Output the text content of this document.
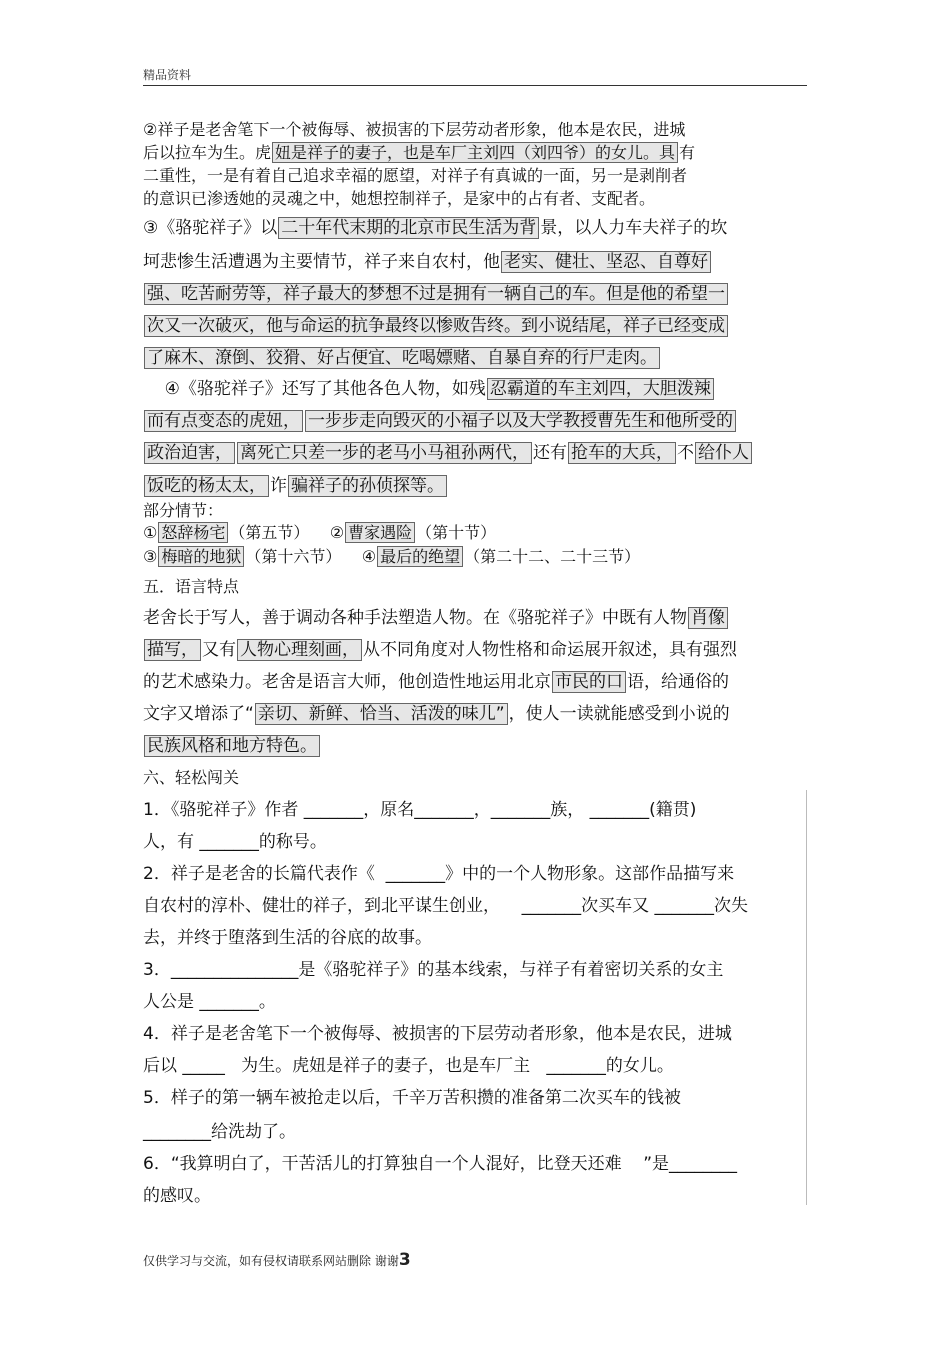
精品资料
②祥子是老舍笔下一个被侮辱、被损害的下层劳动者形象，他本是农民，进城
后以拉车为生。虎 妞是祥子的妻子，也是车厂主刘四（刘四爷）的女儿。具 有
二重性，一是有着自己追求幸福的愿望，对祥子有真诚的一面，另一是剥削者
的意识已渗透她的灵魂之中，她想控制祥子，是家中的占有者、支配者。
③《骆驼祥子》以 二十年代末期的北京市民生活为背 景，以人力车夫祥子的坎
坷悲惨生活遭遇为主要情节，祥子来自农村，他 老实、健壮、坚忍、自尊好
强、吃苦耐劳等，祥子最大的梦想不过是拥有一辆自己的车。但是他的希望一
次又一次破灭，他与命运的抗争最终以惨败告终。到小说结尾，祥子已经变成
了麻木、潦倒、狡猾、好占便宜、吃喝嫖赌、自暴自弃的行尸走肉。
④《骆驼祥子》还写了其他各色人物，如残 忍霸道的车主刘四，大胆泼辣
而有点变态的虎妞， 一步步走向毁灭的小福子以及大学教授曹先生和他所受的
政治迫害， 离死亡只差一步的老马小马祖孙两代， 还有 抢车的大兵， 不 给仆人
饭吃的杨太太， 诈 骗祥子的孙侦探等。
部分情节：
① 怒辞杨宅 （第五节）    ② 曹家遇险 （第十节）
③ 梅暗的地狱 （第十六节）    ④ 最后的绝望 （第二十二、二十三节）
五．语言特点
老舍长于写人，善于调动各种手法塑造人物。在《骆驼祥子》中既有人物 肖像
描写， 又有 人物心理刻画， 从不同角度对人物性格和命运展开叙述，具有强烈
的艺术感染力。老舍是语言大师，他创造性地运用北京 市民的口 语，给通俗的
文字又增添了“ 亲切、新鲜、恰当、活泼的味儿” ，使人一读就能感受到小说的
民族风格和地方特色。
六、轻松闯关
1．《骆驼祥子》作者 _______，原名_______，_______族， _______(籍贯)
人，有 _______的称号。
2．祥子是老舍的长篇代表作《  _______》中的一个人物形象。这部作品描写来
自农村的淳朴、健壮的祥子，到北平谋生创业，    _______次买车又 _______次失
去，并终于堕落到生活的谷底的故事。
3．_______________是《骆驼祥子》的基本线索，与祥子有着密切关系的女主
人公是 _______。
4．祥子是老舍笔下一个被侮辱、被损害的下层劳动者形象，他本是农民，进城
后以 _____   为生。虎妞是祥子的妻子，也是车厂主   _______的女儿。
5．样子的第一辆车被抢走以后，千辛万苦积攒的准备第二次买车的钱被
________给洗劫了。
6．“我算明白了，干苦活儿的打算独自一个人混好，比登天还难    ”是________
的感叹。
仅供学习与交流，如有侵权请联系网站删除 谢谢3
